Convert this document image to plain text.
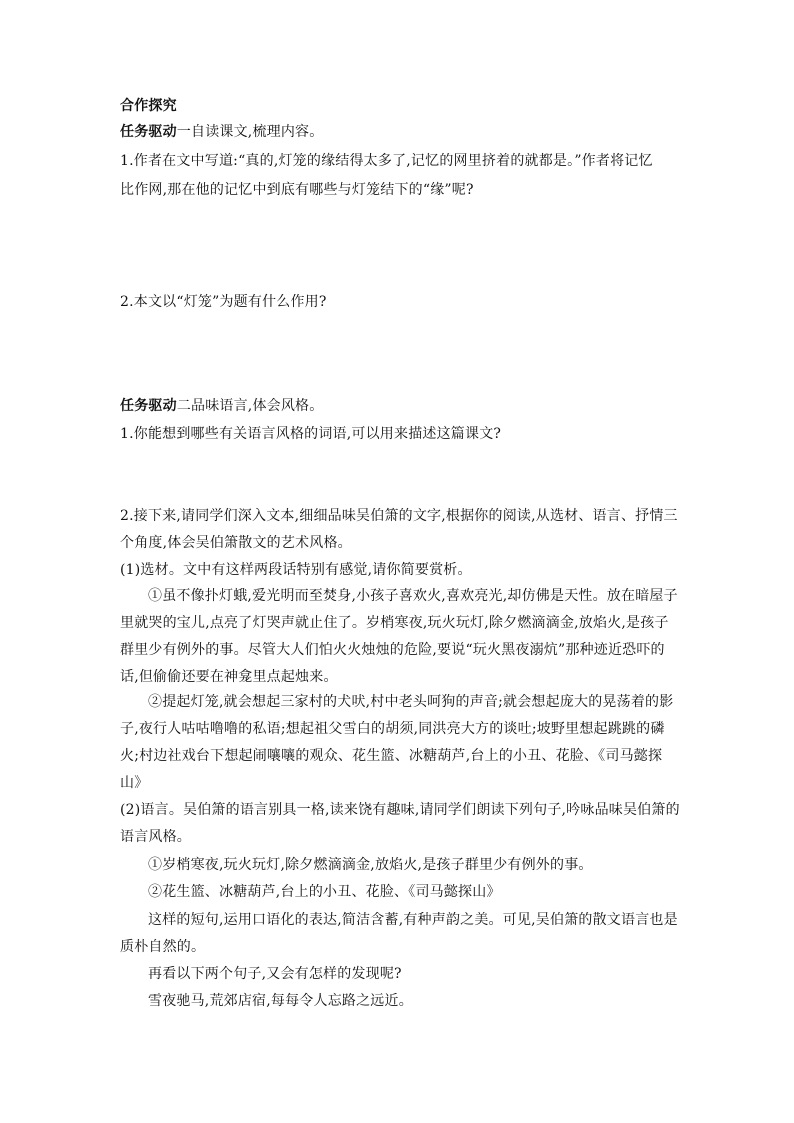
合作探究
任务驱动一自读课文,梳理内容。
1.作者在文中写道:“真的,灯笼的缘结得太多了,记忆的网里挤着的就都是。”作者将记忆
比作网,那在他的记忆中到底有哪些与灯笼结下的“缘”呢?
2.本文以“灯笼”为题有什么作用?
任务驱动二品味语言,体会风格。
1.你能想到哪些有关语言风格的词语,可以用来描述这篇课文?
2.接下来,请同学们深入文本,细细品味吴伯箫的文字,根据你的阅读,从选材、语言、抒情三
个角度,体会吴伯箫散文的艺术风格。
(1)选材。文中有这样两段话特别有感觉,请你简要赏析。
①虽不像扑灯蛾,爱光明而至焚身,小孩子喜欢火,喜欢亮光,却仿佛是天性。放在暗屋子
里就哭的宝儿,点亮了灯哭声就止住了。岁梢寒夜,玩火玩灯,除夕燃滴滴金,放焰火,是孩子
群里少有例外的事。尽管大人们怕火火烛烛的危险,要说“玩火黑夜溺炕”那种迹近恐吓的
话,但偷偷还要在神龛里点起烛来。
②提起灯笼,就会想起三家村的犬吠,村中老头呵狗的声音;就会想起庞大的晃荡着的影
子,夜行人咕咕噜噜的私语;想起祖父雪白的胡须,同洪亮大方的谈吐;坡野里想起跳跳的磷
火;村边社戏台下想起闹嚷嚷的观众、花生篮、冰糖葫芦,台上的小丑、花脸、《司马懿探
山》
(2)语言。吴伯箫的语言别具一格,读来饶有趣味,请同学们朗读下列句子,吟咏品味吴伯箫的
语言风格。
①岁梢寒夜,玩火玩灯,除夕燃滴滴金,放焰火,是孩子群里少有例外的事。
②花生篮、冰糖葫芦,台上的小丑、花脸、《司马懿探山》
这样的短句,运用口语化的表达,简洁含蓄,有种声韵之美。可见,吴伯箫的散文语言也是
质朴自然的。
再看以下两个句子,又会有怎样的发现呢?
雪夜驰马,荒郊店宿,每每令人忘路之远近。
